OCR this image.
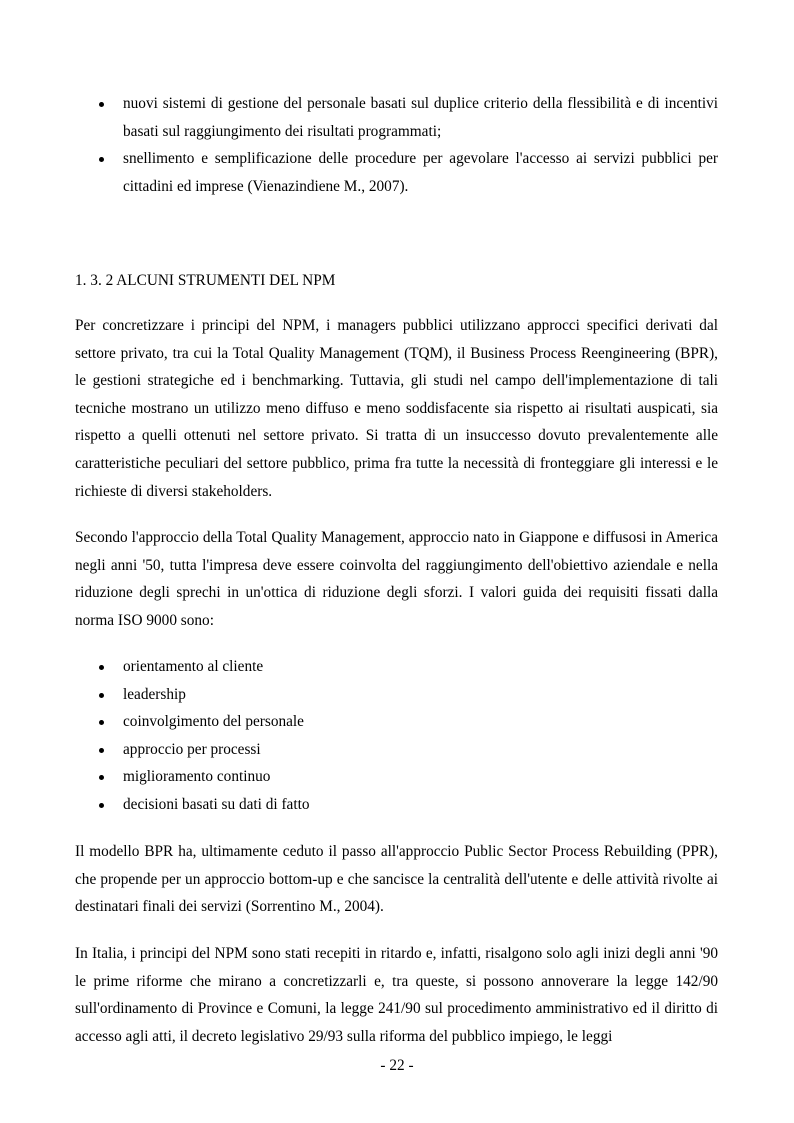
nuovi sistemi di gestione del personale basati sul duplice criterio della flessibilità e di incentivi basati sul raggiungimento dei risultati programmati;
snellimento e semplificazione delle procedure per agevolare l'accesso ai servizi pubblici per cittadini ed imprese (Vienazindiene M., 2007).

1. 3. 2 ALCUNI STRUMENTI DEL NPM

Per concretizzare i principi del NPM, i managers pubblici utilizzano approcci specifici derivati dal settore privato, tra cui la Total Quality Management (TQM), il Business Process Reengineering (BPR), le gestioni strategiche ed i benchmarking. Tuttavia, gli studi nel campo dell'implementazione di tali tecniche mostrano un utilizzo meno diffuso e meno soddisfacente sia rispetto ai risultati auspicati, sia rispetto a quelli ottenuti nel settore privato. Si tratta di un insuccesso dovuto prevalentemente alle caratteristiche peculiari del settore pubblico, prima fra tutte la necessità di fronteggiare gli interessi e le richieste di diversi stakeholders.

Secondo l'approccio della Total Quality Management, approccio nato in Giappone e diffusosi in America negli anni '50, tutta l'impresa deve essere coinvolta del raggiungimento dell'obiettivo aziendale e nella riduzione degli sprechi in un'ottica di riduzione degli sforzi. I valori guida dei requisiti fissati dalla norma ISO 9000 sono:

orientamento al cliente
leadership
coinvolgimento del personale
approccio per processi
miglioramento continuo
decisioni basati su dati di fatto

Il modello BPR ha, ultimamente ceduto il passo all'approccio Public Sector Process Rebuilding (PPR), che propende per un approccio bottom-up e che sancisce la centralità dell'utente e delle attività rivolte ai destinatari finali dei servizi (Sorrentino M., 2004).

In Italia, i principi del NPM sono stati recepiti in ritardo e, infatti, risalgono solo agli inizi degli anni '90 le prime riforme che mirano a concretizzarli e, tra queste, si possono annoverare la legge 142/90 sull'ordinamento di Province e Comuni, la legge 241/90 sul procedimento amministrativo ed il diritto di accesso agli atti, il decreto legislativo 29/93 sulla riforma del pubblico impiego, le leggi

- 22 -
